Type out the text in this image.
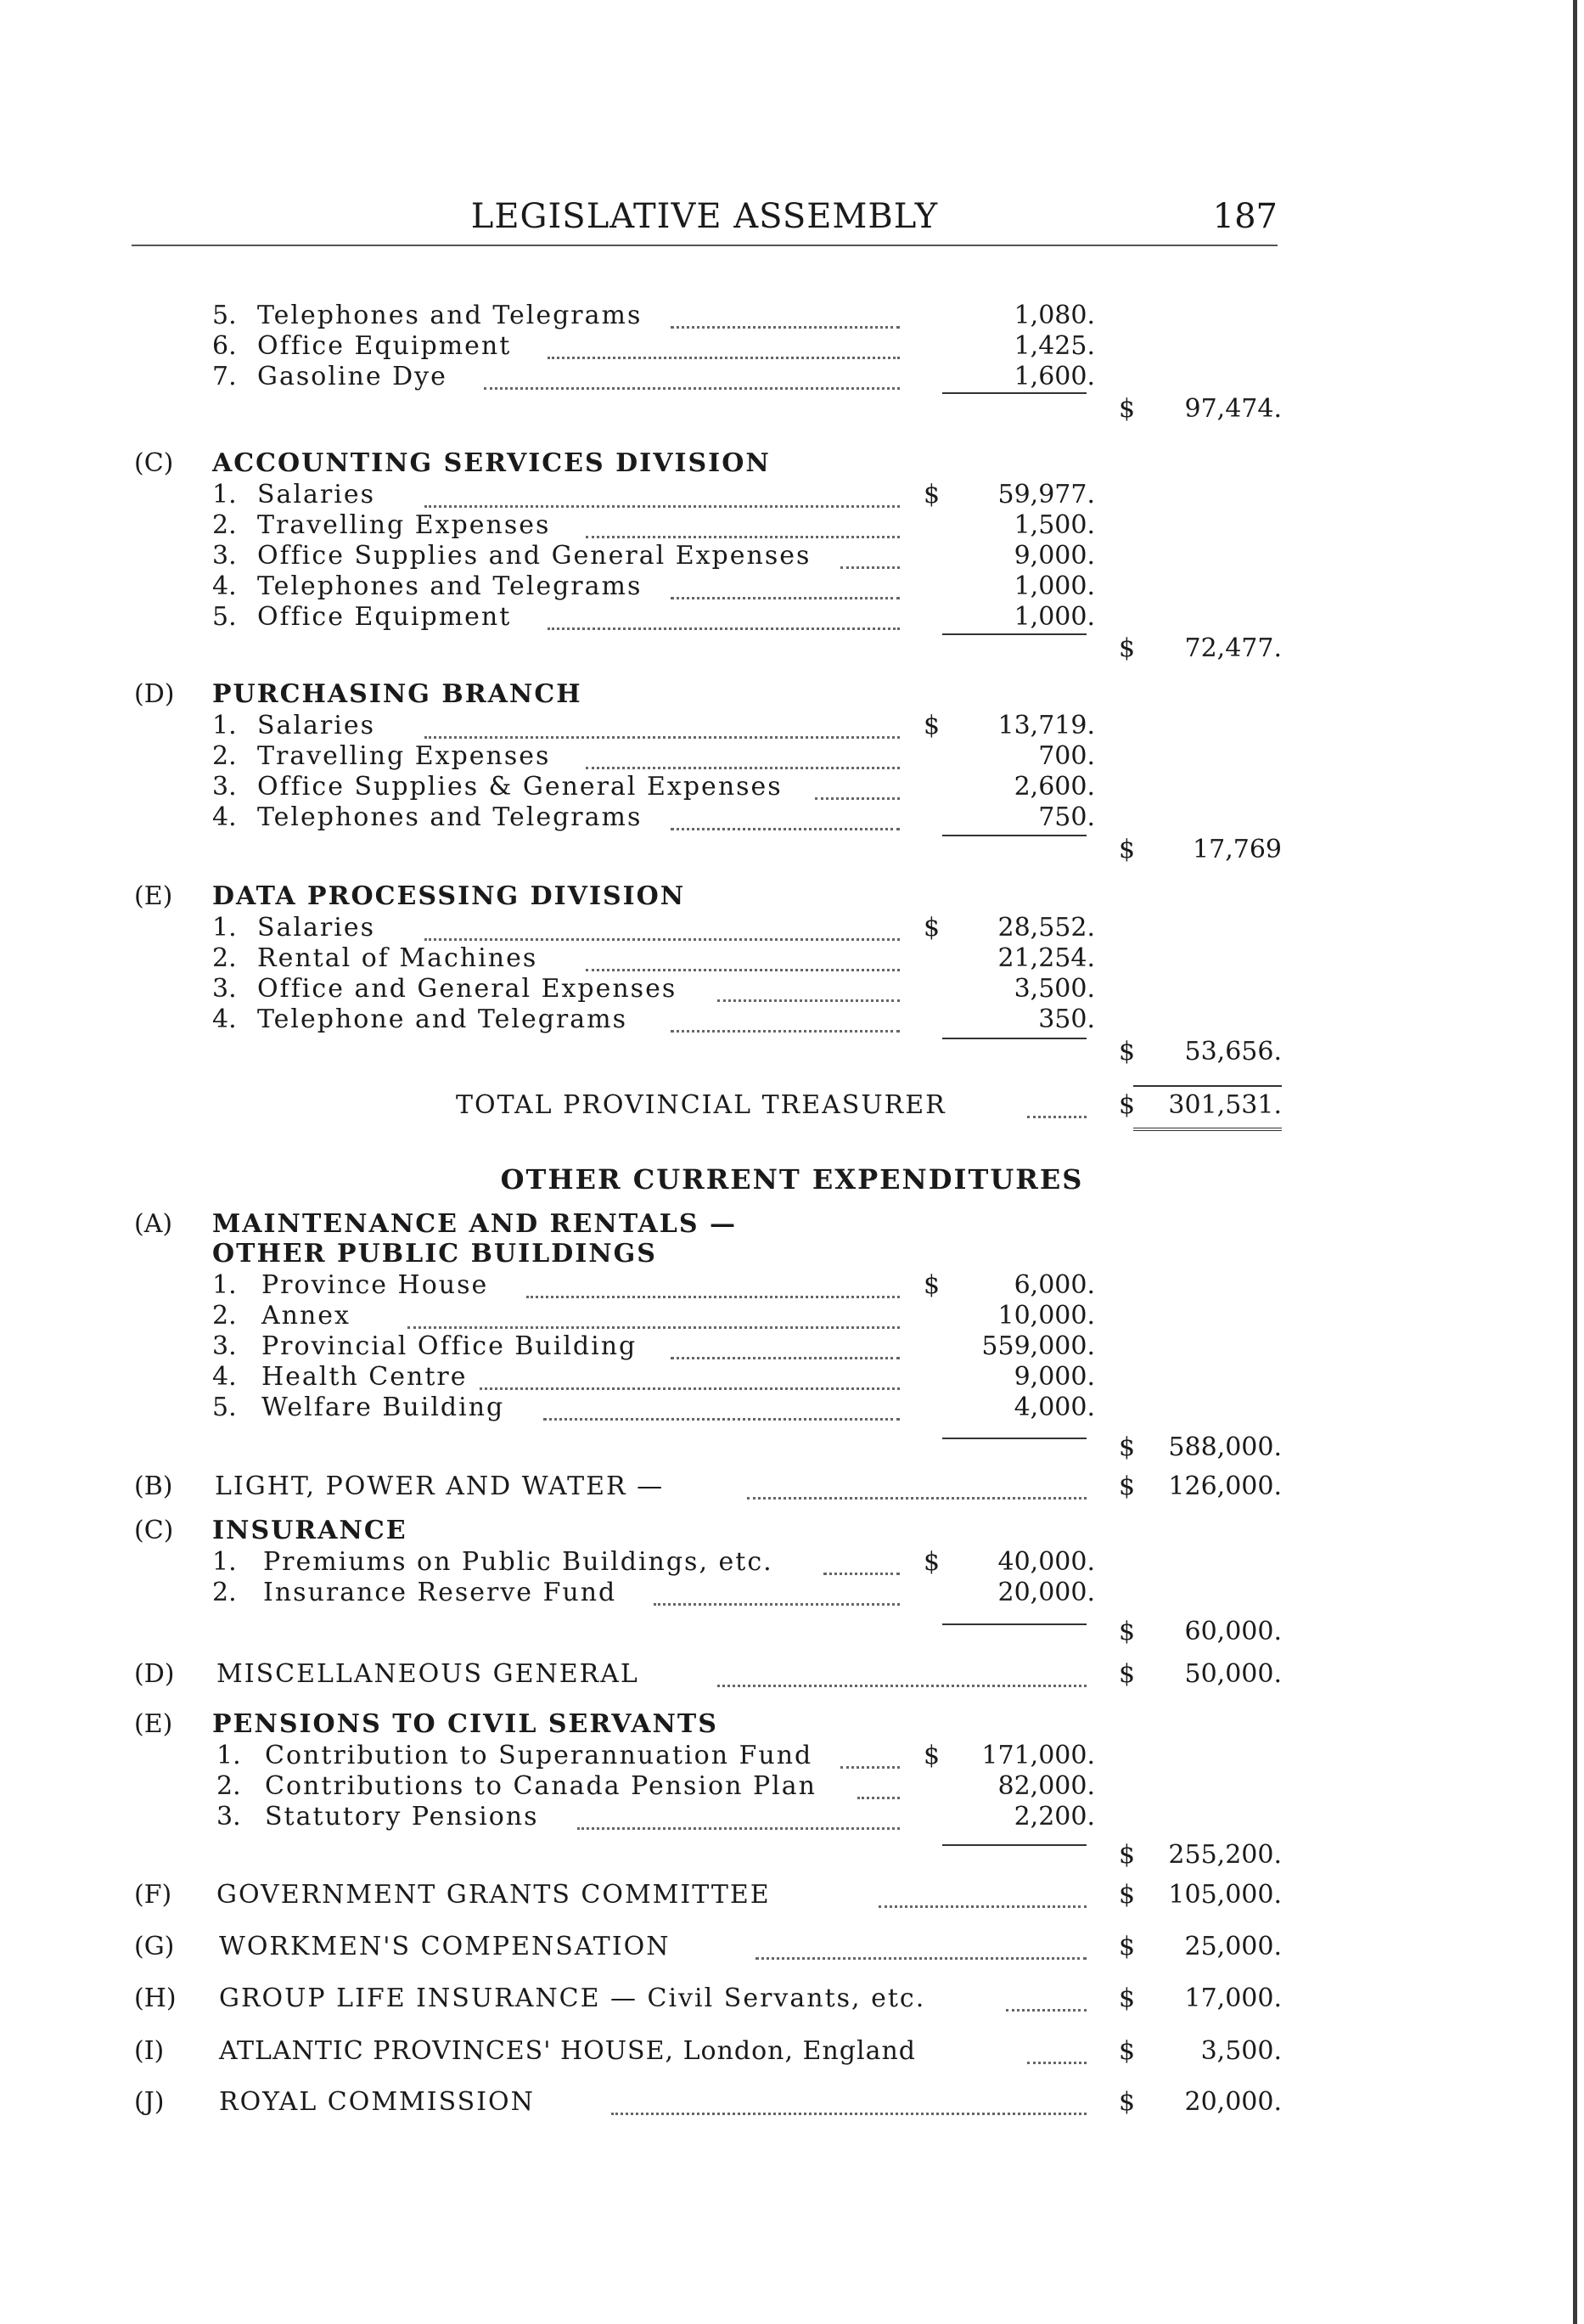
LEGISLATIVE ASSEMBLY	187
5. Telephones and Telegrams	1,080.
6. Office Equipment	1,425.
7. Gasoline Dye	1,600.
$	97,474.
(C) ACCOUNTING SERVICES DIVISION
1. Salaries	$	59,977.
2. Travelling Expenses	1,500.
3. Office Supplies and General Expenses	9,000.
4. Telephones and Telegrams	1,000.
5. Office Equipment	1,000.
$	72,477.
(D) PURCHASING BRANCH
1. Salaries	$	13,719.
2. Travelling Expenses	700.
3. Office Supplies & General Expenses	2,600.
4. Telephones and Telegrams	750.
$	17,769
(E) DATA PROCESSING DIVISION
1. Salaries	$	28,552.
2. Rental of Machines	21,254.
3. Office and General Expenses	3,500.
4. Telephone and Telegrams	350.
$	53,656.
TOTAL PROVINCIAL TREASURER	$	301,531.
OTHER CURRENT EXPENDITURES
(A) MAINTENANCE AND RENTALS —
OTHER PUBLIC BUILDINGS
1. Province House	$	6,000.
2. Annex	10,000.
3. Provincial Office Building	559,000.
4. Health Centre	9,000.
5. Welfare Building	4,000.
$	588,000.
(B) LIGHT, POWER AND WATER —	$	126,000.
(C) INSURANCE
1. Premiums on Public Buildings, etc.	$	40,000.
2. Insurance Reserve Fund	20,000.
$	60,000.
(D) MISCELLANEOUS GENERAL	$	50,000.
(E) PENSIONS TO CIVIL SERVANTS
1. Contribution to Superannuation Fund	$	171,000.
2. Contributions to Canada Pension Plan	82,000.
3. Statutory Pensions	2,200.
$	255,200.
(F) GOVERNMENT GRANTS COMMITTEE	$	105,000.
(G) WORKMEN'S COMPENSATION	$	25,000.
(H) GROUP LIFE INSURANCE — Civil Servants, etc.	$	17,000.
(I) ATLANTIC PROVINCES' HOUSE, London, England	$	3,500.
(J) ROYAL COMMISSION	$	20,000.
